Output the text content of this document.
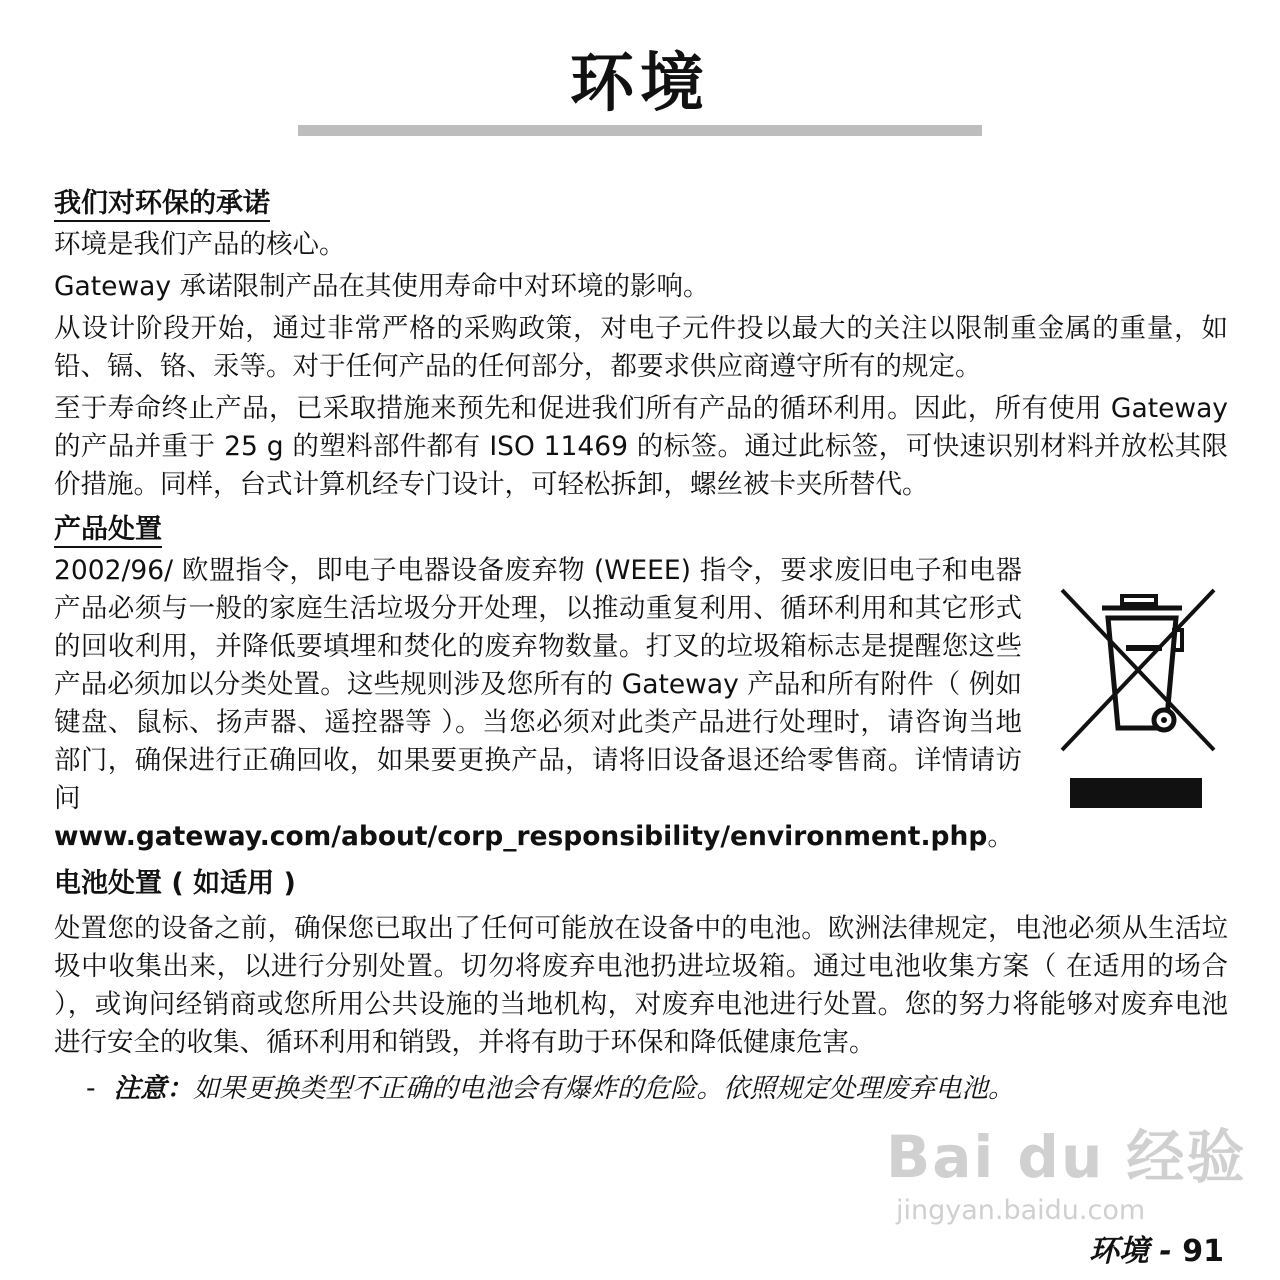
环境
我们对环保的承诺

环境是我们产品的核心。

Gateway 承诺限制产品在其使用寿命中对环境的影响。

从设计阶段开始，通过非常严格的采购政策，对电子元件投以最大的关注以限制重金属的重量，如铅、镉、铬、汞等。对于任何产品的任何部分，都要求供应商遵守所有的规定。

至于寿命终止产品，已采取措施来预先和促进我们所有产品的循环利用。因此，所有使用 Gateway 的产品并重于 25 g 的塑料部件都有 ISO 11469 的标签。通过此标签，可快速识别材料并放松其限价措施。同样，台式计算机经专门设计，可轻松拆卸，螺丝被卡夹所替代。

产品处置

2002/96/ 欧盟指令，即电子电器设备废弃物 (WEEE) 指令，要求废旧电子和电器产品必须与一般的家庭生活垃圾分开处理，以推动重复利用、循环利用和其它形式的回收利用，并降低要填埋和焚化的废弃物数量。打叉的垃圾箱标志是提醒您这些产品必须加以分类处置。这些规则涉及您所有的 Gateway 产品和所有附件（ 例如键盘、鼠标、扬声器、遥控器等 ）。当您必须对此类产品进行处理时，请咨询当地部门，确保进行正确回收，如果要更换产品，请将旧设备退还给零售商。详情请访问
www.gateway.com/about/corp_responsibility/environment.php。

电池处置 ( 如适用 )

处置您的设备之前，确保您已取出了任何可能放在设备中的电池。欧洲法律规定，电池必须从生活垃圾中收集出来，以进行分别处置。切勿将废弃电池扔进垃圾箱。通过电池收集方案（ 在适用的场合 ），或询问经销商或您所用公共设施的当地机构，对废弃电池进行处置。您的努力将能够对废弃电池进行安全的收集、循环利用和销毁，并将有助于环保和降低健康危害。

- 注意：如果更换类型不正确的电池会有爆炸的危险。依照规定处理废弃电池。
Bai du 经验
jingyan.baidu.com
环境 - 91
